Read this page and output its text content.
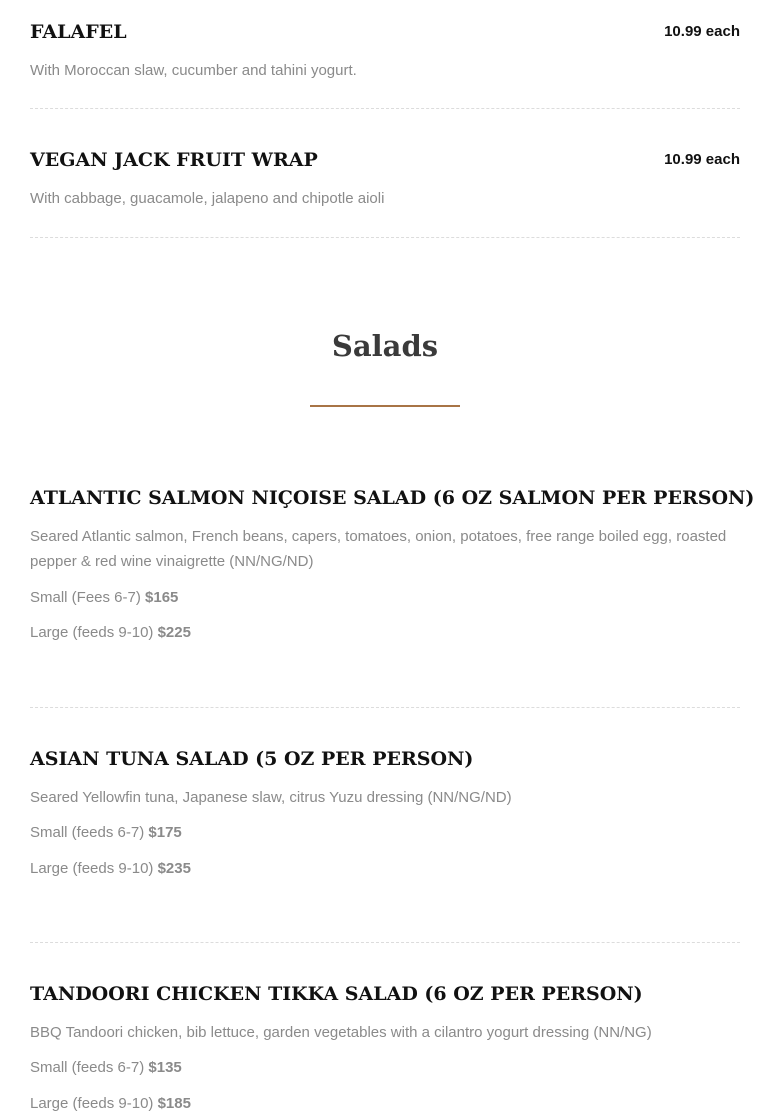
FALAFEL	10.99 each
With Moroccan slaw, cucumber and tahini yogurt.
VEGAN JACK FRUIT WRAP	10.99 each
With cabbage, guacamole, jalapeno and chipotle aioli
Salads
ATLANTIC SALMON NIÇOISE SALAD (6 OZ SALMON PER PERSON)
Seared Atlantic salmon, French beans, capers, tomatoes, onion, potatoes, free range boiled egg, roasted pepper & red wine vinaigrette (NN/NG/ND)
Small (Fees 6-7) $165
Large (feeds 9-10) $225
ASIAN TUNA SALAD (5 OZ PER PERSON)
Seared Yellowfin tuna, Japanese slaw, citrus Yuzu dressing (NN/NG/ND)
Small (feeds 6-7) $175
Large (feeds 9-10) $235
TANDOORI CHICKEN TIKKA SALAD (6 OZ PER PERSON)
BBQ Tandoori chicken, bib lettuce, garden vegetables with a cilantro yogurt dressing (NN/NG)
Small (feeds 6-7) $135
Large (feeds 9-10) $185
